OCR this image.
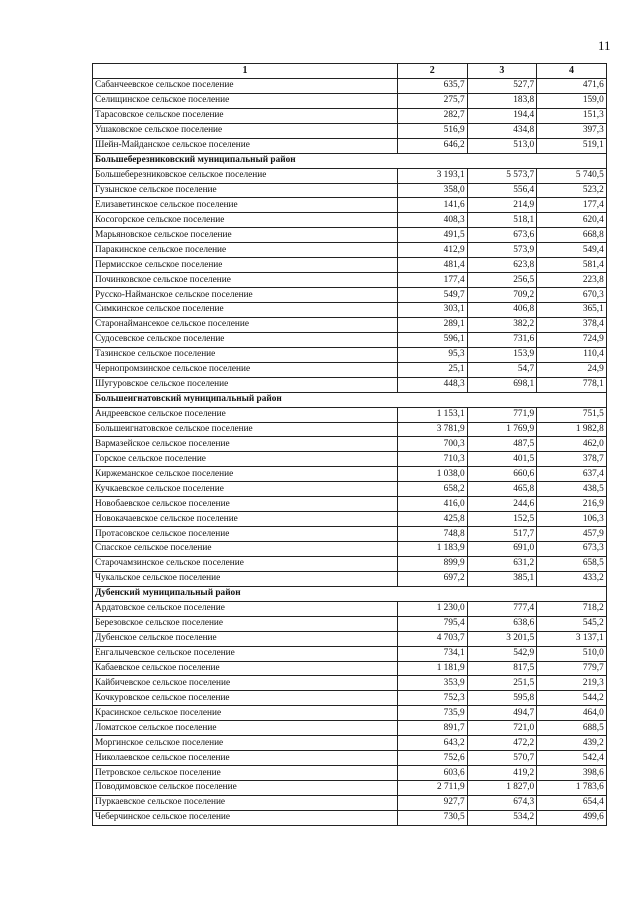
11
1	2	3	4
Сабанчеевское сельское поселение	635,7	527,7	471,6
Селищинское сельское поселение	275,7	183,8	159,0
Тарасовское сельское поселение	282,7	194,4	151,3
Ушаковское сельское поселение	516,9	434,8	397,3
Шейн-Майданское сельское поселение	646,2	513,0	519,1
Большеберезниковский муниципальный район			
Большеберезниковское сельское поселение	3 193,1	5 573,7	5 740,5
Гузынское сельское поселение	358,0	556,4	523,2
Елизаветинское сельское поселение	141,6	214,9	177,4
Косогорское сельское поселение	408,3	518,1	620,4
Марьяновское сельское поселение	491,5	673,6	668,8
Паракинское сельское поселение	412,9	573,9	549,4
Пермисское сельское поселение	481,4	623,8	581,4
Починковское сельское поселение	177,4	256,5	223,8
Русско-Найманское сельское поселение	549,7	709,2	670,3
Симкинское сельское поселение	303,1	406,8	365,1
Старонаймансекое сельское поселение	289,1	382,2	378,4
Судосевское сельское поселение	596,1	731,6	724,9
Тазинское сельское поселение	95,3	153,9	110,4
Чернопромзинское сельское поселение	25,1	54,7	24,9
Шугуровское сельское поселение	448,3	698,1	778,1
Большеигнатовский муниципальный район			
Андреевское сельское поселение	1 153,1	771,9	751,5
Большеигнатовское сельское поселение	3 781,9	1 769,9	1 982,8
Вармазейское сельское поселение	700,3	487,5	462,0
Горское сельское поселение	710,3	401,5	378,7
Киржеманское сельское поселение	1 038,0	660,6	637,4
Кучкаевское сельское поселение	658,2	465,8	438,5
Новобаевское сельское поселение	416,0	244,6	216,9
Новокачаевское сельское поселение	425,8	152,5	106,3
Протасовское сельское поселение	748,8	517,7	457,9
Спасское сельское поселение	1 183,9	691,0	673,3
Старочамзинское сельское поселение	899,9	631,2	658,5
Чукальское сельское поселение	697,2	385,1	433,2
Дубенский муниципальный район			
Ардатовское сельское поселение	1 230,0	777,4	718,2
Березовское сельское поселение	795,4	638,6	545,2
Дубенское сельское поселение	4 703,7	3 201,5	3 137,1
Енгалычевское сельское поселение	734,1	542,9	510,0
Кабаевское сельское поселение	1 181,9	817,5	779,7
Кайбичевское сельское поселение	353,9	251,5	219,3
Кочкуровское сельское поселение	752,3	595,8	544,2
Красинское сельское поселение	735,9	494,7	464,0
Ломатское сельское поселение	891,7	721,0	688,5
Моргинское сельское поселение	643,2	472,2	439,2
Николаевское сельское поселение	752,6	570,7	542,4
Петровское сельское поселение	603,6	419,2	398,6
Поводимовское сельское поселение	2 711,9	1 827,0	1 783,6
Пуркаевское сельское поселение	927,7	674,3	654,4
Чеберчинское сельское поселение	730,5	534,2	499,6
